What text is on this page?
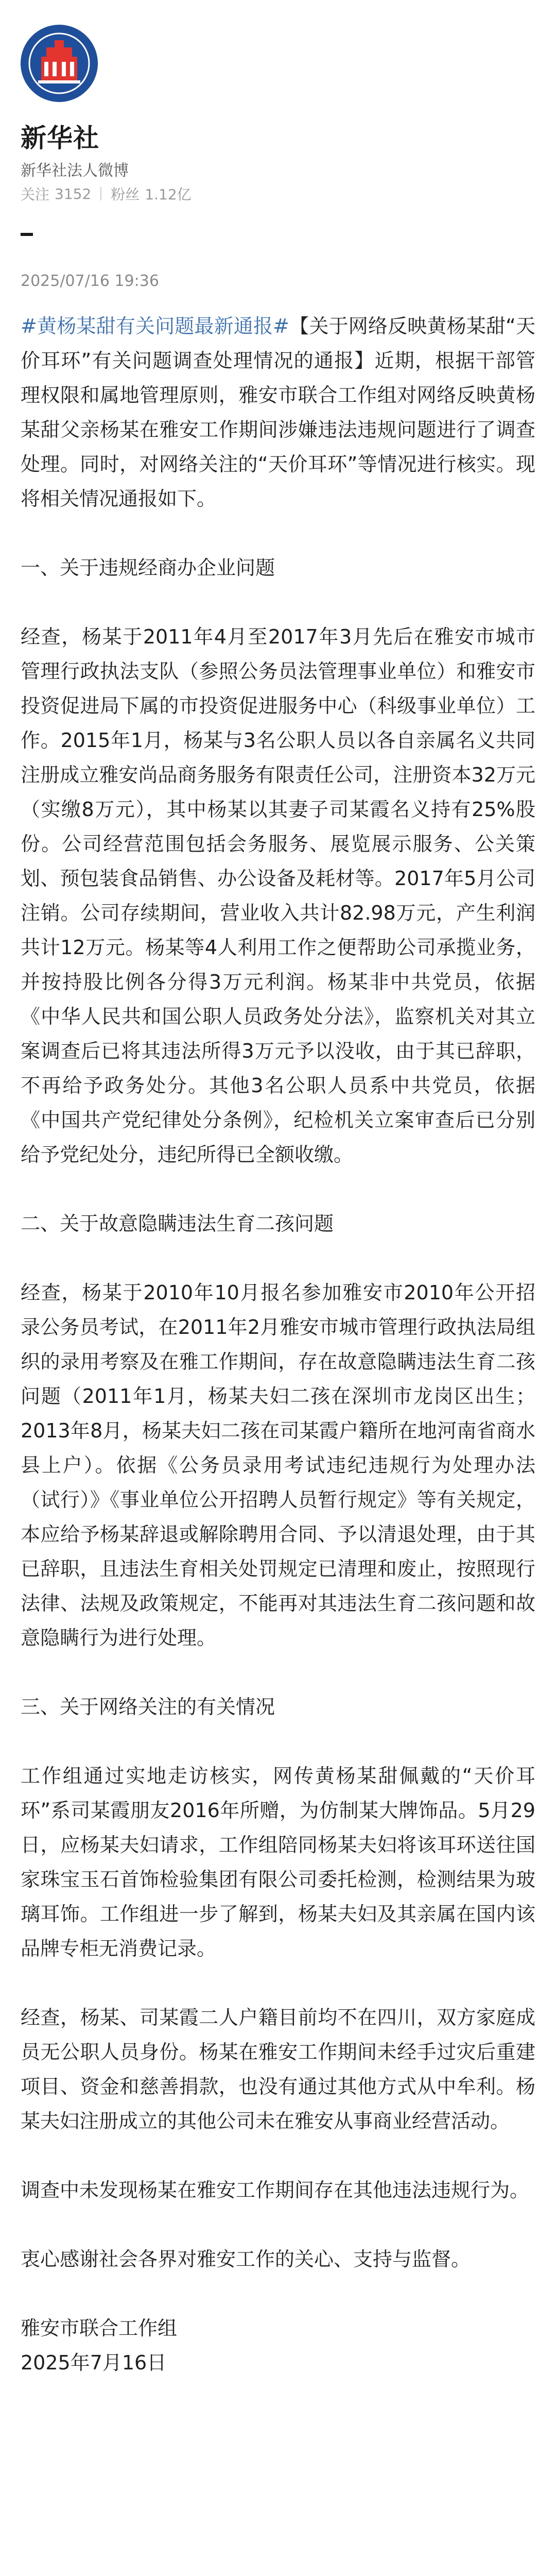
新华社
新华社法人微博
关注 3152 粉丝 1.12亿
2025/07/16 19:36

#黄杨某甜有关问题最新通报#【关于网络反映黄杨某甜“天价耳环”有关问题调查处理情况的通报】近期，根据干部管理权限和属地管理原则，雅安市联合工作组对网络反映黄杨某甜父亲杨某在雅安工作期间涉嫌违法违规问题进行了调查处理。同时，对网络关注的“天价耳环”等情况进行核实。现将相关情况通报如下。

一、关于违规经商办企业问题

经查，杨某于2011年4月至2017年3月先后在雅安市城市管理行政执法支队（参照公务员法管理事业单位）和雅安市投资促进局下属的市投资促进服务中心（科级事业单位）工作。2015年1月，杨某与3名公职人员以各自亲属名义共同注册成立雅安尚品商务服务有限责任公司，注册资本32万元（实缴8万元），其中杨某以其妻子司某霞名义持有25%股份。公司经营范围包括会务服务、展览展示服务、公关策划、预包装食品销售、办公设备及耗材等。2017年5月公司注销。公司存续期间，营业收入共计82.98万元，产生利润共计12万元。杨某等4人利用工作之便帮助公司承揽业务，并按持股比例各分得3万元利润。杨某非中共党员，依据《中华人民共和国公职人员政务处分法》，监察机关对其立案调查后已将其违法所得3万元予以没收，由于其已辞职，不再给予政务处分。其他3名公职人员系中共党员，依据《中国共产党纪律处分条例》，纪检机关立案审查后已分别给予党纪处分，违纪所得已全额收缴。

二、关于故意隐瞒违法生育二孩问题

经查，杨某于2010年10月报名参加雅安市2010年公开招录公务员考试，在2011年2月雅安市城市管理行政执法局组织的录用考察及在雅工作期间，存在故意隐瞒违法生育二孩问题（2011年1月，杨某夫妇二孩在深圳市龙岗区出生；2013年8月，杨某夫妇二孩在司某霞户籍所在地河南省商水县上户）。依据《公务员录用考试违纪违规行为处理办法（试行）》《事业单位公开招聘人员暂行规定》等有关规定，本应给予杨某辞退或解除聘用合同、予以清退处理，由于其已辞职，且违法生育相关处罚规定已清理和废止，按照现行法律、法规及政策规定，不能再对其违法生育二孩问题和故意隐瞒行为进行处理。

三、关于网络关注的有关情况

工作组通过实地走访核实，网传黄杨某甜佩戴的“天价耳环”系司某霞朋友2016年所赠，为仿制某大牌饰品。5月29日，应杨某夫妇请求，工作组陪同杨某夫妇将该耳环送往国家珠宝玉石首饰检验集团有限公司委托检测，检测结果为玻璃耳饰。工作组进一步了解到，杨某夫妇及其亲属在国内该品牌专柜无消费记录。

经查，杨某、司某霞二人户籍目前均不在四川，双方家庭成员无公职人员身份。杨某在雅安工作期间未经手过灾后重建项目、资金和慈善捐款，也没有通过其他方式从中牟利。杨某夫妇注册成立的其他公司未在雅安从事商业经营活动。

调查中未发现杨某在雅安工作期间存在其他违法违规行为。

衷心感谢社会各界对雅安工作的关心、支持与监督。

雅安市联合工作组

2025年7月16日
